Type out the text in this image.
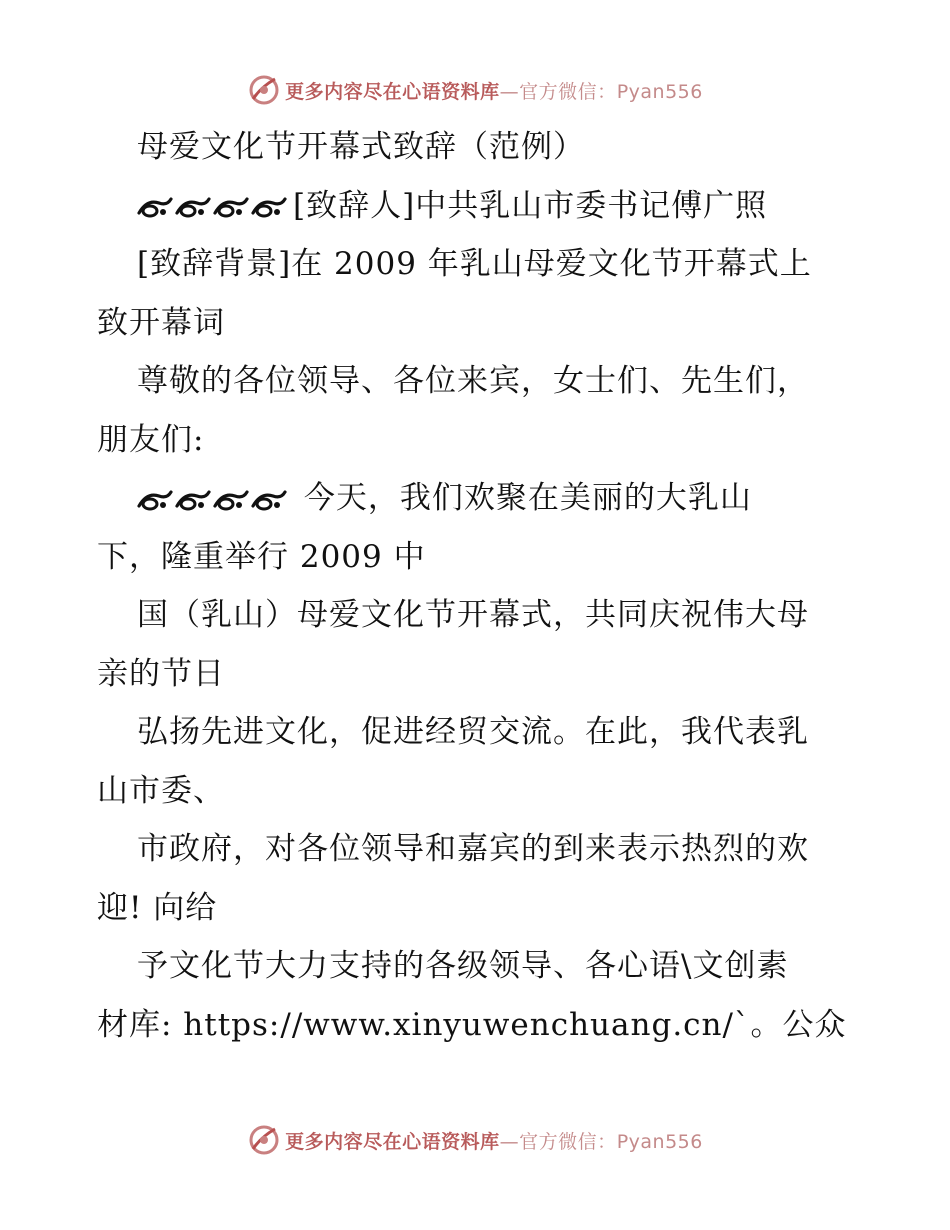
更多内容尽在心语资料库—官方微信：Pyan556
母爱文化节开幕式致辞（范例）
[致辞人]中共乳山市委书记傅广照
[致辞背景]在 2009 年乳山母爱文化节开幕式上
致开幕词
尊敬的各位领导、各位来宾，女士们、先生们，
朋友们:
今天，我们欢聚在美丽的大乳山
下，隆重举行 2009 中
国（乳山）母爱文化节开幕式，共同庆祝伟大母
亲的节日
弘扬先进文化，促进经贸交流。在此，我代表乳
山市委、
市政府，对各位领导和嘉宾的到来表示热烈的欢
迎! 向给
予文化节大力支持的各级领导、各心语\文创素
材库: https://www.xinyuwenchuang.cn/`。公众
更多内容尽在心语资料库—官方微信：Pyan556
